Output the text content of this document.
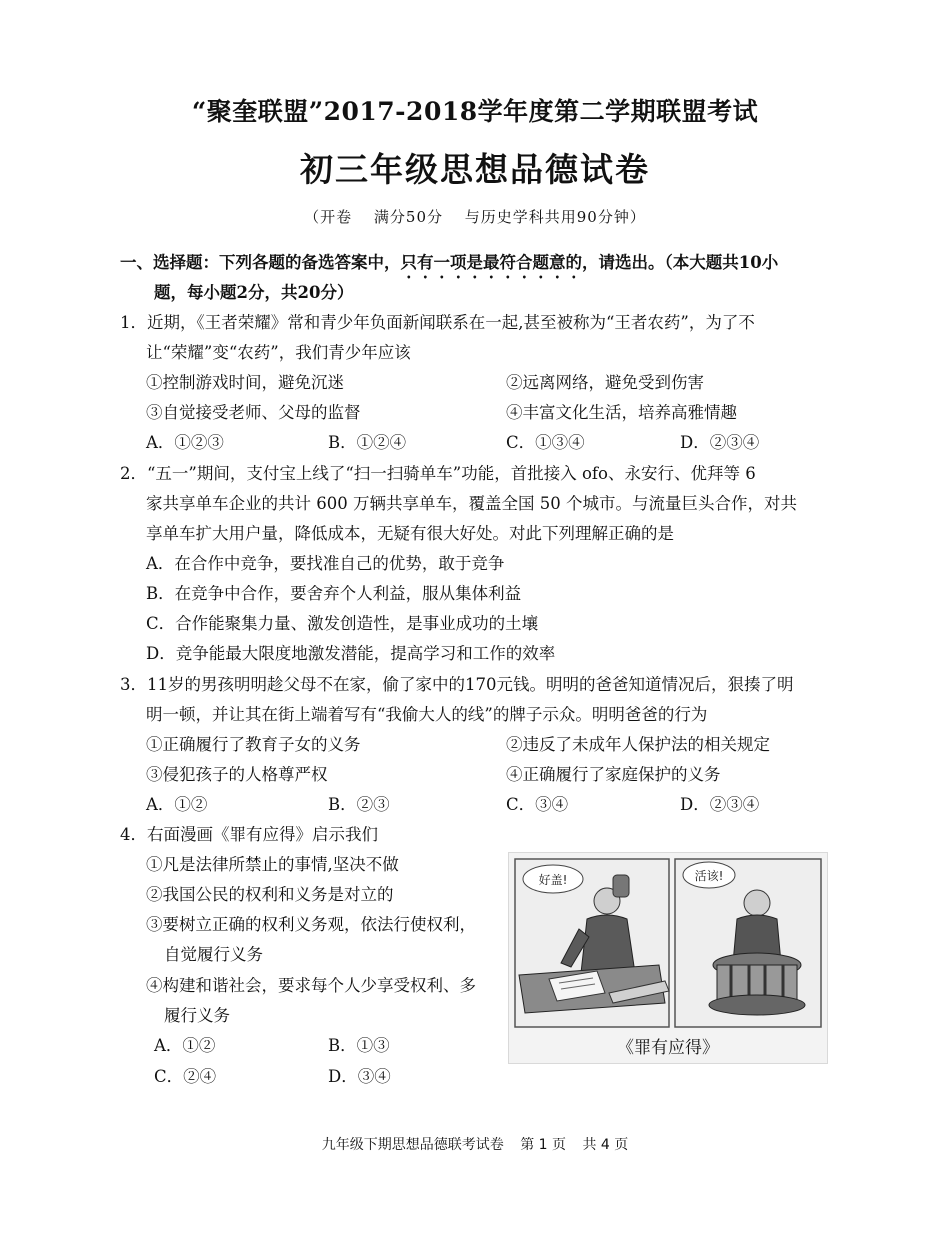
“聚奎联盟”2017-2018学年度第二学期联盟考试
初三年级思想品德试卷
（开卷　 满分50分　 与历史学科共用90分钟）
一、选择题：下列各题的备选答案中，只有一项是最符合题意的，请选出。（本大题共10小
题，每小题2分，共20分）
1．近期，《王者荣耀》常和青少年负面新闻联系在一起,甚至被称为“王者农药”，为了不
让“荣耀”变“农药”，我们青少年应该
①控制游戏时间，避免沉迷	②远离网络，避免受到伤害
③自觉接受老师、父母的监督	④丰富文化生活，培养高雅情趣
A．①②③	B．①②④	C．①③④	D．②③④
2．“五一”期间，支付宝上线了“扫一扫骑单车”功能，首批接入 ofo、永安行、优拜等 6
家共享单车企业的共计 600 万辆共享单车，覆盖全国 50 个城市。与流量巨头合作，对共
享单车扩大用户量，降低成本，无疑有很大好处。对此下列理解正确的是
A．在合作中竞争，要找准自己的优势，敢于竞争
B．在竞争中合作，要舍弃个人利益，服从集体利益
C．合作能聚集力量、激发创造性，是事业成功的土壤
D．竞争能最大限度地激发潜能，提高学习和工作的效率
3．11岁的男孩明明趁父母不在家，偷了家中的170元钱。明明的爸爸知道情况后，狠揍了明
明一顿，并让其在街上端着写有“我偷大人的线”的牌子示众。明明爸爸的行为
①正确履行了教育子女的义务	②违反了未成年人保护法的相关规定
③侵犯孩子的人格尊严权	④正确履行了家庭保护的义务
A．①②	B．②③	C．③④	D．②③④
4．右面漫画《罪有应得》启示我们
①凡是法律所禁止的事情,坚决不做
②我国公民的权利和义务是对立的
③要树立正确的权利义务观，依法行使权利，
自觉履行义务
④构建和谐社会，要求每个人少享受权利、多
履行义务
A．①②	B．①③
C．②④	D．③④
好盖!	活该!
《罪有应得》
九年级下期思想品德联考试卷 第 1 页 共 4 页
